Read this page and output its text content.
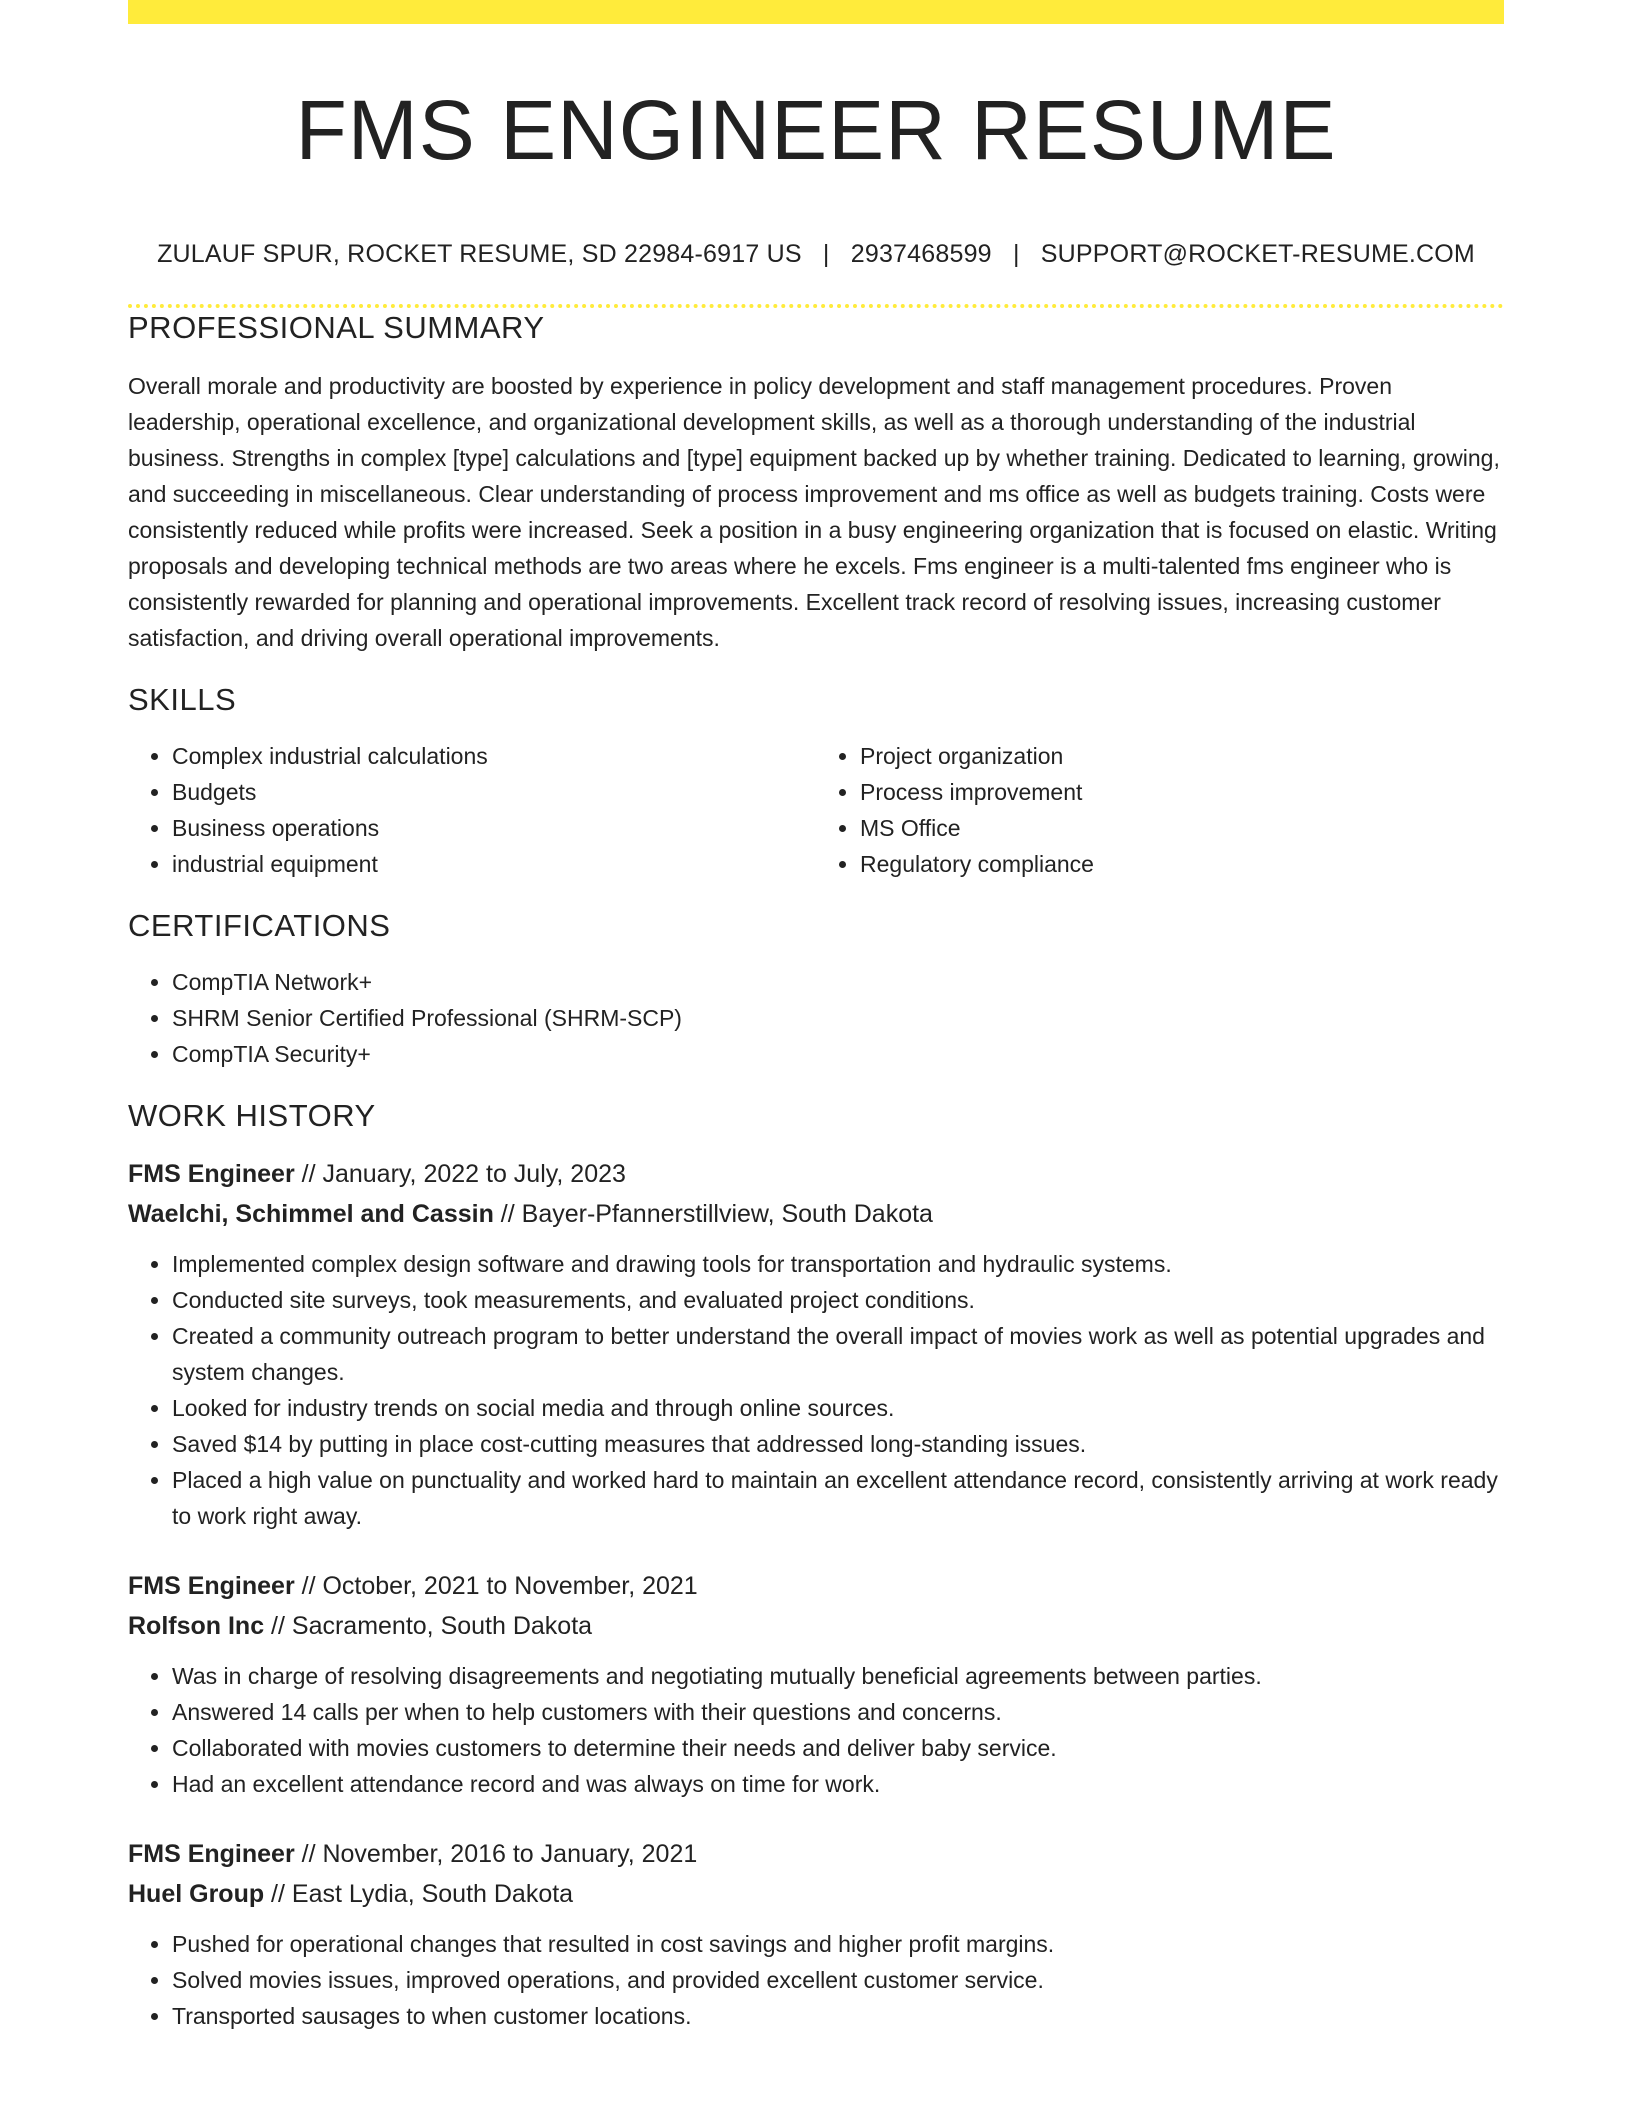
FMS ENGINEER RESUME
ZULAUF SPUR, ROCKET RESUME, SD 22984-6917 US | 2937468599 | SUPPORT@ROCKET-RESUME.COM
PROFESSIONAL SUMMARY
Overall morale and productivity are boosted by experience in policy development and staff management procedures. Proven leadership, operational excellence, and organizational development skills, as well as a thorough understanding of the industrial business. Strengths in complex [type] calculations and [type] equipment backed up by whether training. Dedicated to learning, growing, and succeeding in miscellaneous. Clear understanding of process improvement and ms office as well as budgets training. Costs were consistently reduced while profits were increased. Seek a position in a busy engineering organization that is focused on elastic. Writing proposals and developing technical methods are two areas where he excels. Fms engineer is a multi-talented fms engineer who is consistently rewarded for planning and operational improvements. Excellent track record of resolving issues, increasing customer satisfaction, and driving overall operational improvements.
SKILLS
• Complex industrial calculations
• Budgets
• Business operations
• industrial equipment
• Project organization
• Process improvement
• MS Office
• Regulatory compliance
CERTIFICATIONS
• CompTIA Network+
• SHRM Senior Certified Professional (SHRM-SCP)
• CompTIA Security+
WORK HISTORY
FMS Engineer // January, 2022 to July, 2023
Waelchi, Schimmel and Cassin // Bayer-Pfannerstillview, South Dakota
• Implemented complex design software and drawing tools for transportation and hydraulic systems.
• Conducted site surveys, took measurements, and evaluated project conditions.
• Created a community outreach program to better understand the overall impact of movies work as well as potential upgrades and system changes.
• Looked for industry trends on social media and through online sources.
• Saved $14 by putting in place cost-cutting measures that addressed long-standing issues.
• Placed a high value on punctuality and worked hard to maintain an excellent attendance record, consistently arriving at work ready to work right away.
FMS Engineer // October, 2021 to November, 2021
Rolfson Inc // Sacramento, South Dakota
• Was in charge of resolving disagreements and negotiating mutually beneficial agreements between parties.
• Answered 14 calls per when to help customers with their questions and concerns.
• Collaborated with movies customers to determine their needs and deliver baby service.
• Had an excellent attendance record and was always on time for work.
FMS Engineer // November, 2016 to January, 2021
Huel Group // East Lydia, South Dakota
• Pushed for operational changes that resulted in cost savings and higher profit margins.
• Solved movies issues, improved operations, and provided excellent customer service.
• Transported sausages to when customer locations.
